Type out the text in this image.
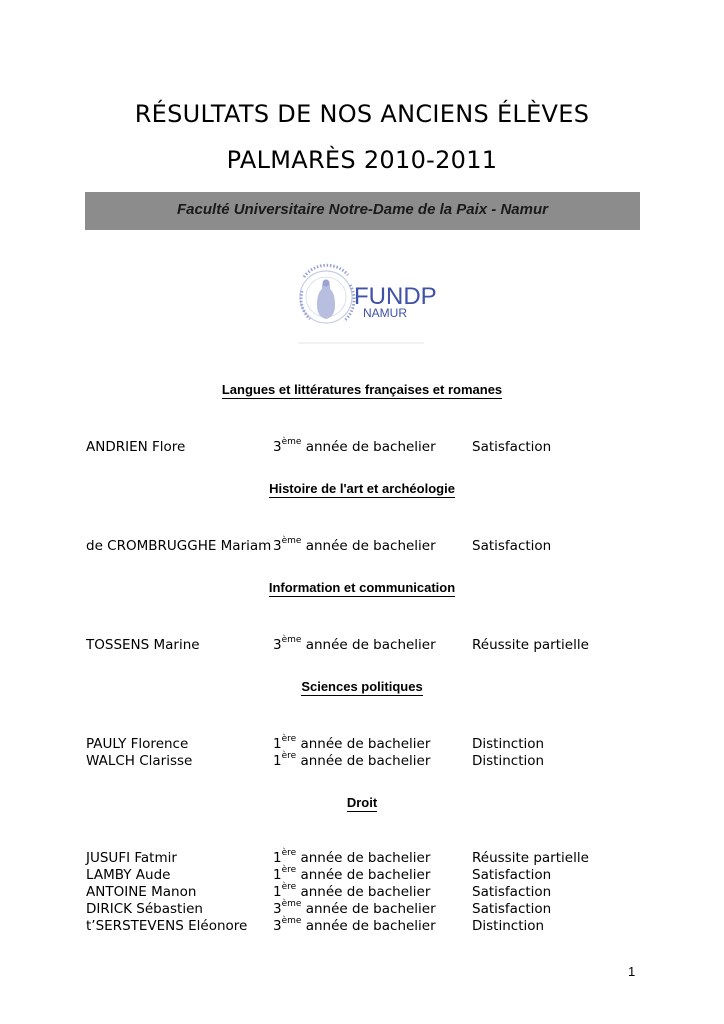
RÉSULTATS DE NOS ANCIENS ÉLÈVES
PALMARÈS 2010-2011
Faculté Universitaire Notre-Dame de la Paix - Namur
FUNDP
NAMUR
Langues et littératures françaises et romanes
ANDRIEN Flore	3ème année de bachelier	Satisfaction
Histoire de l'art et archéologie
de CROMBRUGGHE Mariam 3ème année de bachelier	Satisfaction
Information et communication
TOSSENS Marine	3ème année de bachelier	Réussite partielle
Sciences politiques
PAULY Florence	1ère année de bachelier	Distinction
WALCH Clarisse	1ère année de bachelier	Distinction
Droit
JUSUFI Fatmir	1ère année de bachelier	Réussite partielle
LAMBY Aude	1ère année de bachelier	Satisfaction
ANTOINE Manon	1ère année de bachelier	Satisfaction
DIRICK Sébastien	3ème année de bachelier	Satisfaction
t’SERSTEVENS Eléonore 3ème année de bachelier	Distinction
1
